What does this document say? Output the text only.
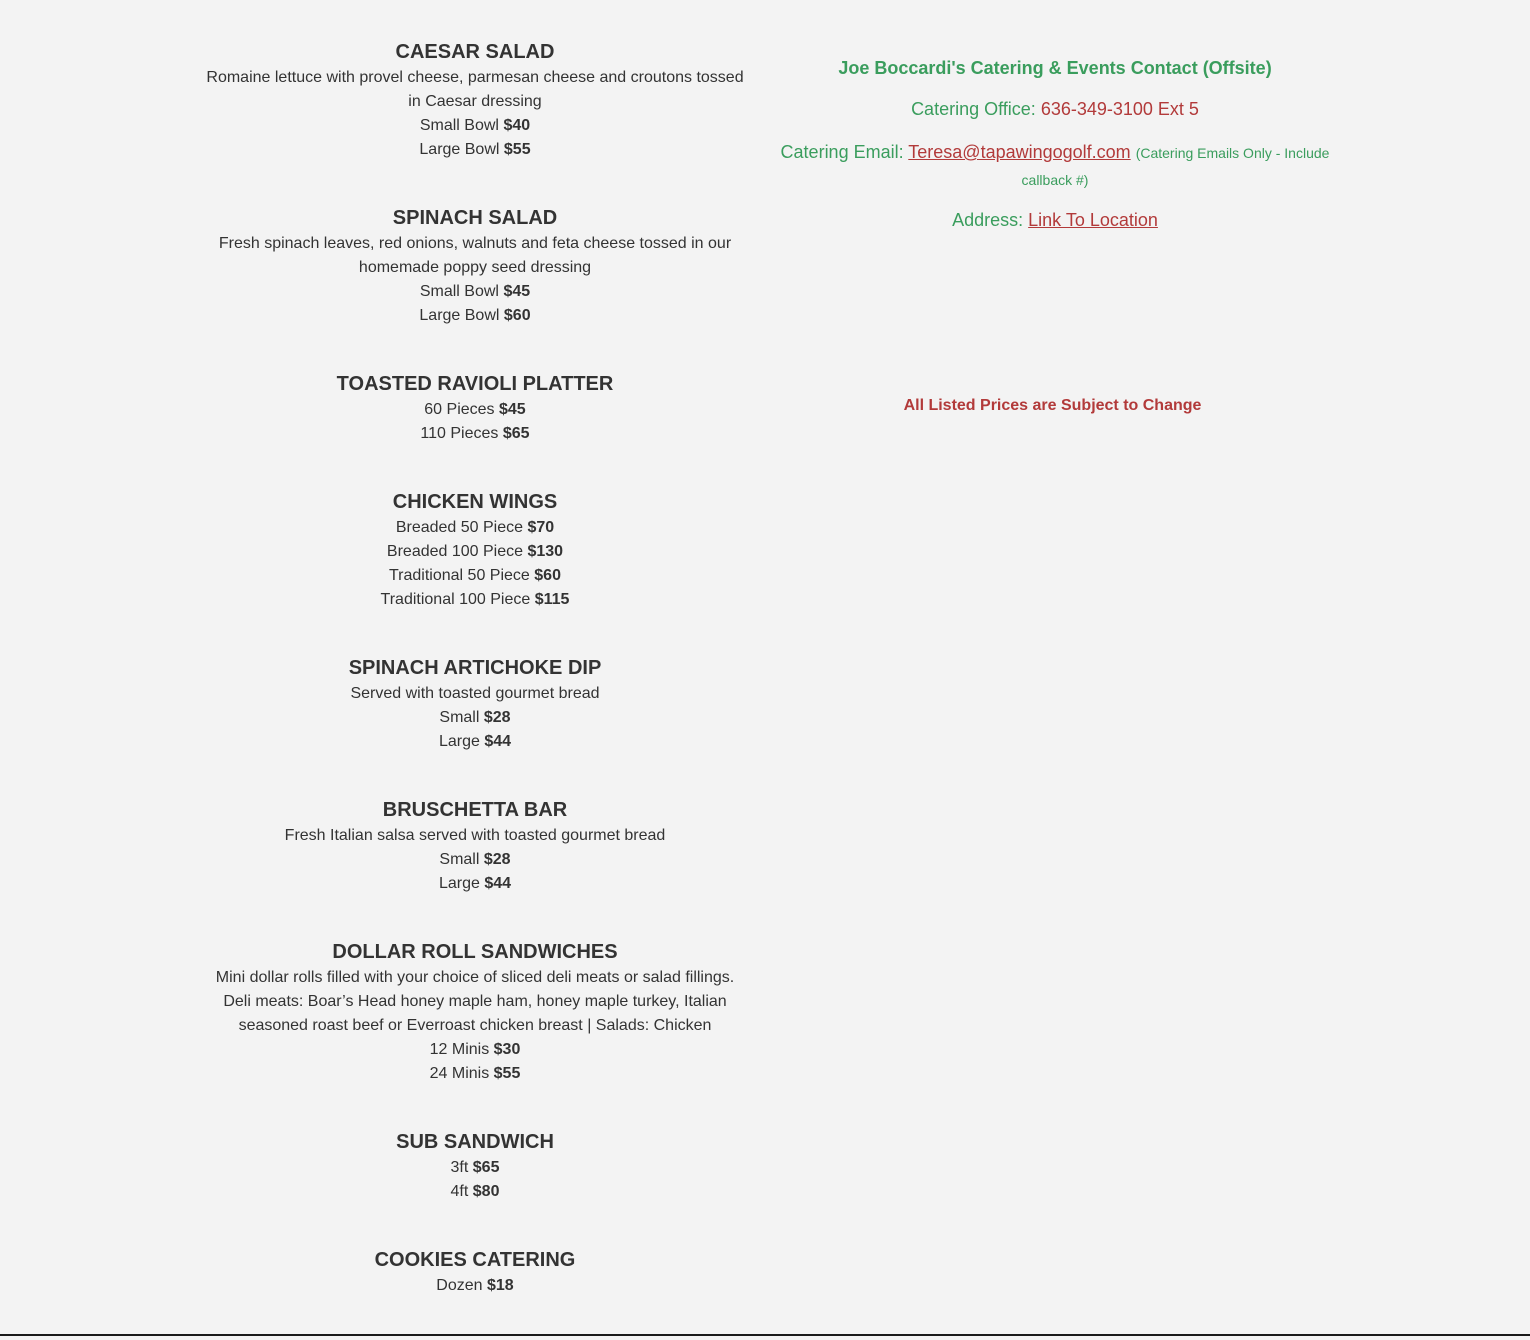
CAESAR SALAD

Romaine lettuce with provel cheese, parmesan cheese and croutons tossed in Caesar dressing

Small Bowl $40

Large Bowl $55

SPINACH SALAD

Fresh spinach leaves, red onions, walnuts and feta cheese tossed in our homemade poppy seed dressing

Small Bowl $45

Large Bowl $60

TOASTED RAVIOLI PLATTER

60 Pieces $45

110 Pieces $65

CHICKEN WINGS

Breaded 50 Piece $70

Breaded 100 Piece $130

Traditional 50 Piece $60

Traditional 100 Piece $115

SPINACH ARTICHOKE DIP

Served with toasted gourmet bread

Small $28

Large $44

BRUSCHETTA BAR

Fresh Italian salsa served with toasted gourmet bread

Small $28

Large $44

DOLLAR ROLL SANDWICHES

Mini dollar rolls filled with your choice of sliced deli meats or salad fillings. Deli meats: Boar’s Head honey maple ham, honey maple turkey, Italian seasoned roast beef or Everroast chicken breast | Salads: Chicken

12 Minis $30

24 Minis $55

SUB SANDWICH

3ft $65

4ft $80

COOKIES CATERING

Dozen $18

Joe Boccardi's Catering & Events Contact (Offsite)

Catering Office: 636-349-3100 Ext 5

Catering Email: Teresa@tapawingogolf.com (Catering Emails Only - Include callback #)

Address: Link To Location

All Listed Prices are Subject to Change
